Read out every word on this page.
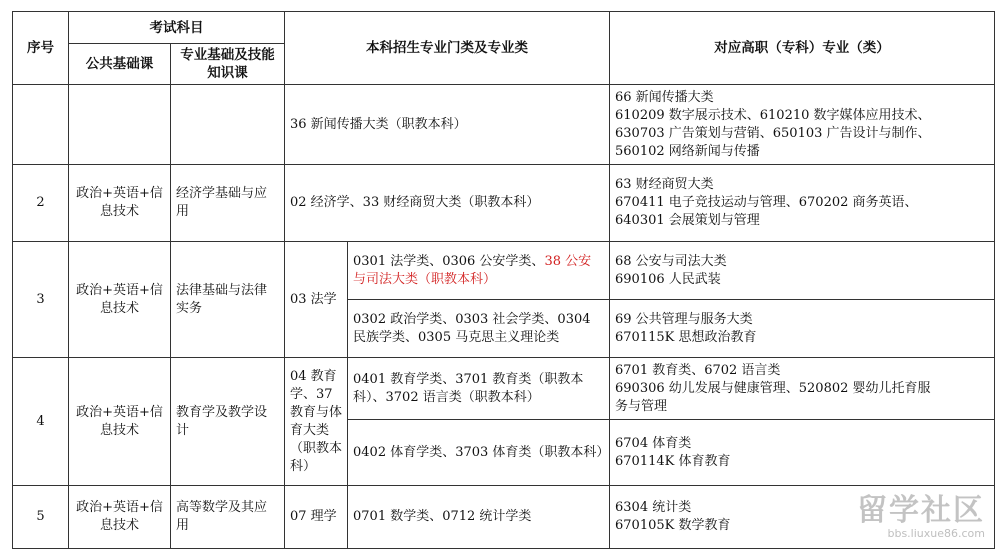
序号	考试科目		本科招生专业门类及专业类		对应高职（专科）专业（类）
	公共基础课	专业基础及技能知识课			
			36 新闻传播大类（职教本科）		66 新闻传播大类
610209 数字展示技术、610210 数字媒体应用技术、
630703 广告策划与营销、650103 广告设计与制作、
560102 网络新闻与传播

2	政治+英语+信息技术	经济学基础与应用	02 经济学、33 财经商贸大类（职教本科）		63 财经商贸大类
670411 电子竞技运动与管理、670202 商务英语、
640301 会展策划与管理

3	政治+英语+信息技术	法律基础与法律实务	03 法学	0301 法学类、0306 公安学类、38 公安与司法大类（职教本科）	68 公安与司法大类
690106 人民武装

				0302 政治学类、0303 社会学类、0304 民族学类、0305 马克思主义理论类	69 公共管理与服务大类
670115K 思想政治教育

4	政治+英语+信息技术	教育学及教学设计	04 教育学、37 教育与体育大类（职教本科）	0401 教育学类、3701 教育类（职教本科）、3702 语言类（职教本科）	6701 教育类、6702 语言类
690306 幼儿发展与健康管理、520802 婴幼儿托育服
务与管理

				0402 体育学类、3703 体育类（职教本科）	6704 体育类
670114K 体育教育

5	政治+英语+信息技术	高等数学及其应用	07 理学	0701 数学类、0712 统计学类	6304 统计类
670105K 数学教育	留学社区
bbs.liuxue86.com
